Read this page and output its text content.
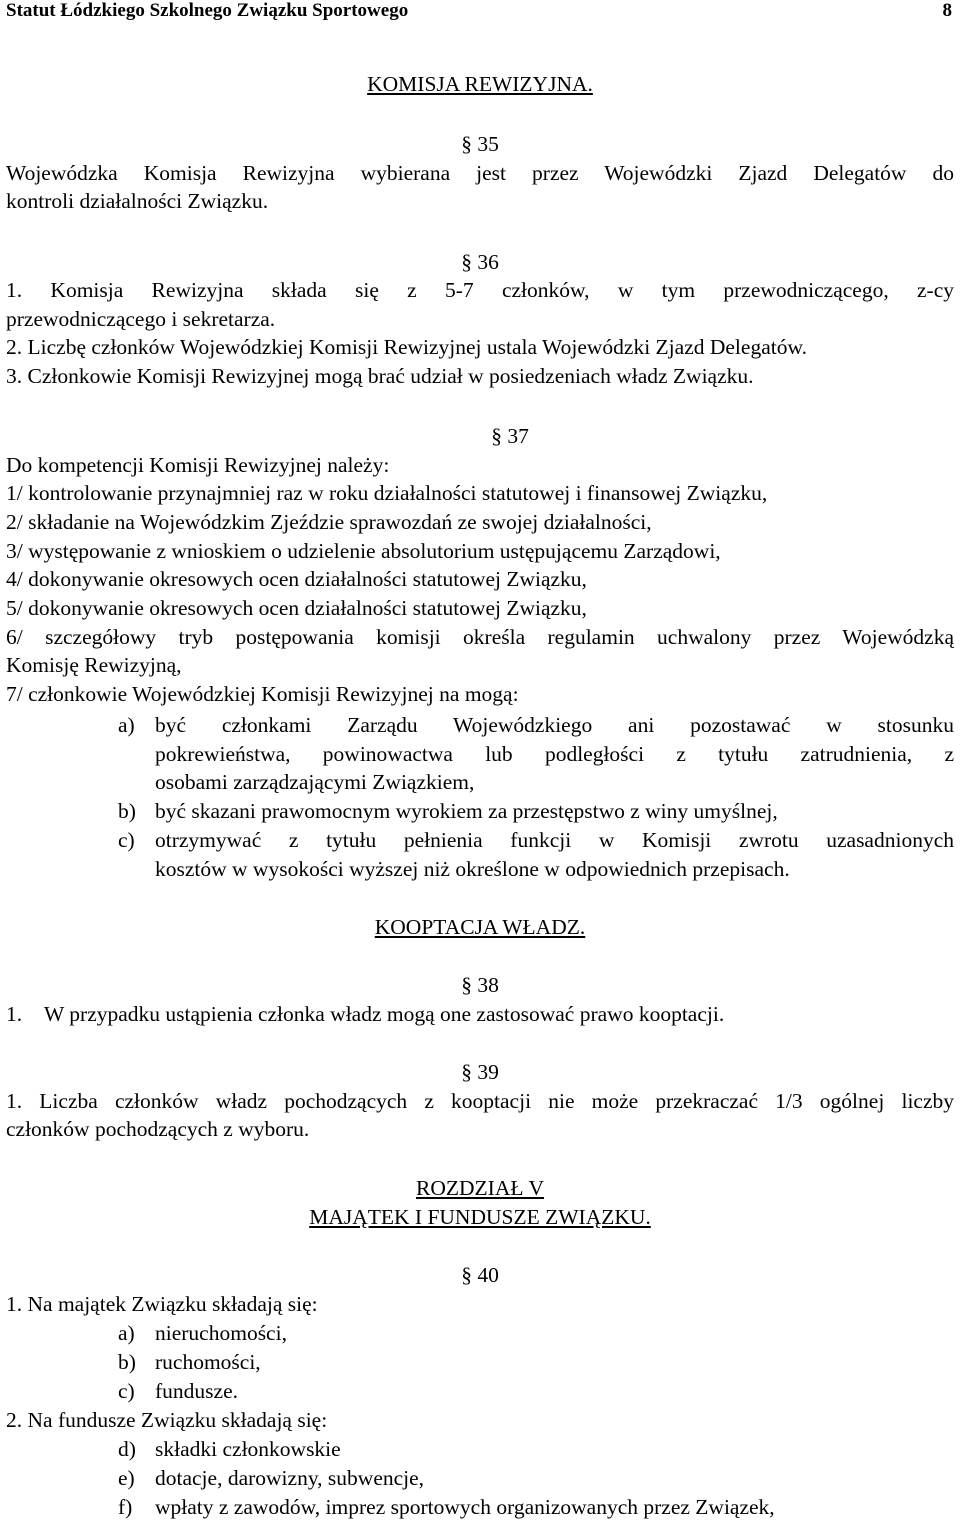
Statut Łódzkiego Szkolnego Związku Sportowego	8
KOMISJA REWIZYJNA.
§ 35
Wojewódzka Komisja Rewizyjna wybierana jest przez Wojewódzki Zjazd Delegatów do
kontroli działalności Związku.
§ 36
1. Komisja Rewizyjna składa się z 5-7 członków, w tym przewodniczącego, z-cy
przewodniczącego i sekretarza.
2. Liczbę członków Wojewódzkiej Komisji Rewizyjnej ustala Wojewódzki Zjazd Delegatów.
3. Członkowie Komisji Rewizyjnej mogą brać udział w posiedzeniach władz Związku.
§ 37
Do kompetencji Komisji Rewizyjnej należy:
1/ kontrolowanie przynajmniej raz w roku działalności statutowej i finansowej Związku,
2/ składanie na Wojewódzkim Zjeździe sprawozdań ze swojej działalności,
3/ występowanie z wnioskiem o udzielenie absolutorium ustępującemu Zarządowi,
4/ dokonywanie okresowych ocen działalności statutowej Związku,
5/ dokonywanie okresowych ocen działalności statutowej Związku,
6/ szczegółowy tryb postępowania komisji określa regulamin uchwalony przez Wojewódzką
Komisję Rewizyjną,
7/ członkowie Wojewódzkiej Komisji Rewizyjnej na mogą:
a) być członkami Zarządu Wojewódzkiego ani pozostawać w stosunku
pokrewieństwa, powinowactwa lub podległości z tytułu zatrudnienia, z
osobami zarządzającymi Związkiem,
b) być skazani prawomocnym wyrokiem za przestępstwo z winy umyślnej,
c) otrzymywać z tytułu pełnienia funkcji w Komisji zwrotu uzasadnionych
kosztów w wysokości wyższej niż określone w odpowiednich przepisach.
KOOPTACJA WŁADZ.
§ 38
1.	W przypadku ustąpienia członka władz mogą one zastosować prawo kooptacji.
§ 39
1. Liczba członków władz pochodzących z kooptacji nie może przekraczać 1/3 ogólnej liczby
członków pochodzących z wyboru.
ROZDZIAŁ V
MAJĄTEK I FUNDUSZE ZWIĄZKU.
§ 40
1. Na majątek Związku składają się:
a) nieruchomości,
b) ruchomości,
c) fundusze.
2. Na fundusze Związku składają się:
d) składki członkowskie
e) dotacje, darowizny, subwencje,
f) wpłaty z zawodów, imprez sportowych organizowanych przez Związek,
